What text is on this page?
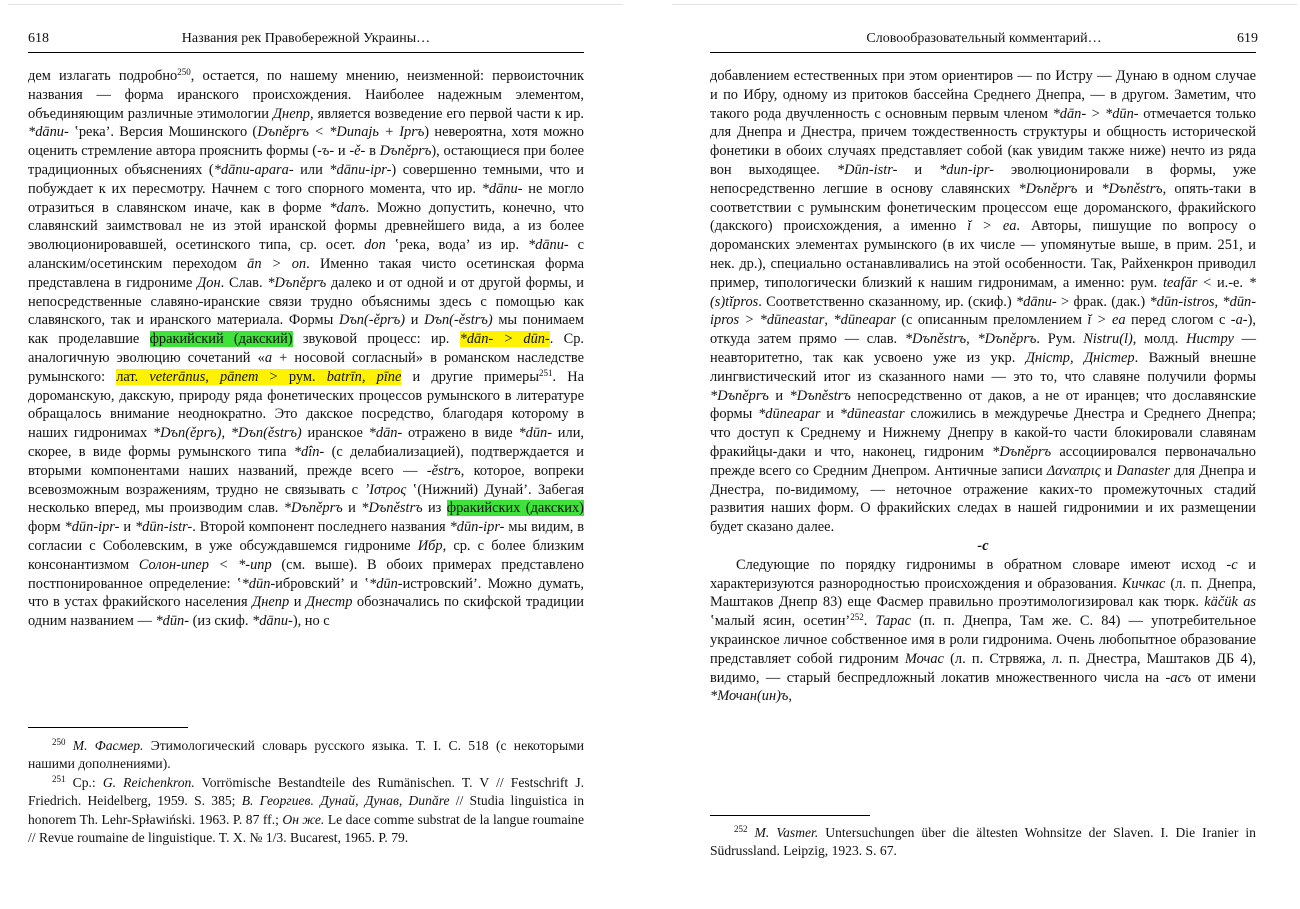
618	Названия рек Правобережной Украины…

дем излагать подробно$^{250}$, остается, по нашему мнению, неизменной: первоисточник названия — форма иранского происхождения. Наиболее надежным элементом, объединяющим различные этимологии Днепр, является возведение его первой части к ир. *dānu- ʽрека’. Версия Мошинского (Dъněprъ < *Dunajь + Iprъ) невероятна, хотя можно оценить стремление автора прояснить формы (-ъ- и -ě- в Dъněprъ), остающиеся при более традиционных объяснениях (*dānu-apara- или *dānu-ipr-) совершенно темными, что и побуждает к их пересмотру. Начнем с того спорного момента, что ир. *dānu- не могло отразиться в славянском иначе, как в форме *danъ. Можно допустить, конечно, что славянский заимствовал не из этой иранской формы древнейшего вида, а из более эволюционировавшей, осетинского типа, ср. осет. don ʽрека, вода’ из ир. *dānu- с аланским/осетинским переходом ān > on. Именно такая чисто осетинская форма представлена в гидрониме Дон. Слав. *Dъněprъ далеко и от одной и от другой формы, и непосредственные славяно-иранские связи трудно объяснимы здесь с помощью как славянского, так и иранского материала. Формы Dъn(-ěprъ) и Dъn(-ěstrъ) мы понимаем как проделавшие фракийский (дакский) звуковой процесс: ир. *dān- > dūn-. Ср. аналогичную эволюцию сочетаний «a + носовой согласный» в романском наследстве румынского: лат. veterānus, pānem > рум. batrīn, pīne и другие примеры$^{251}$. На дороманскую, дакскую, природу ряда фонетических процессов румынского в литературе обращалось внимание неоднократно. Это дакское посредство, благодаря которому в наших гидронимах *Dъn(ěprъ), *Dъn(ěstrъ) иранское *dān- отражено в виде *dūn- или, скорее, в виде формы румынского типа *dîn- (с делабиализацией), подтверждается и вторыми компонентами наших названий, прежде всего — -ěstrъ, которое, вопреки всевозможным возражениям, трудно не связывать с ʼΙστρος ʽ(Нижний) Дунай’. Забегая несколько вперед, мы производим слав. *Dъněprъ и *Dъněstrъ из фракийских (дакских) форм *dūn-ipr- и *dūn-istr-. Второй компонент последнего названия *dūn-ipr- мы видим, в согласии с Соболевским, в уже обсуждавшемся гидрониме Ибр, ср. с более близким консонантизмом Солон-ипер < *-ипр (см. выше). В обоих примерах представлено постпонированное определение: ʽ*dūn-ибровский’ и ʽ*dūn-истровский’. Можно думать, что в устах фракийского населения Днепр и Днестр обозначались по скифской традиции одним названием — *dūn- (из скиф. *dānu-), но с

$^{250}$ М. Фасмер. Этимологический словарь русского языка. Т. I. С. 518 (с некоторыми нашими дополнениями).

$^{251}$ Ср.: G. Reichenkron. Vorrömische Bestandteile des Rumänischen. T. V // Festschrift J. Friedrich. Heidelberg, 1959. S. 385; В. Георгиев. Дунай, Дунав, Dunăre // Studia linguistica in honorem Th. Lehr-Spławiński. 1963. P. 87 ff.; Он же. Le dace comme substrat de la langue roumaine // Revue roumaine de linguistique. T. X. № 1/3. Bucarest, 1965. P. 79.

Словообразовательный комментарий…	619

добавлением естественных при этом ориентиров — по Истру — Дунаю в одном случае и по Ибру, одному из притоков бассейна Среднего Днепра, — в другом. Заметим, что такого рода двучленность с основным первым членом *dān- > *dūn- отмечается только для Днепра и Днестра, причем тождественность структуры и общность исторической фонетики в обоих случаях представляет собой (как увидим также ниже) нечто из ряда вон выходящее. *Dūn-istr- и *dun-ipr- эволюционировали в формы, уже непосредственно легшие в основу славянских *Dъněprъ и *Dъněstrъ, опять-таки в соответствии с румынским фонетическим процессом еще дороманского, фракийского (дакского) происхождения, а именно ĭ > ea. Авторы, пишущие по вопросу о дороманских элементах румынского (в их числе — упомянутые выше, в прим. 251, и нек. др.), специально останавливались на этой особенности. Так, Райхенкрон приводил пример, типологически близкий к нашим гидронимам, а именно: рум. teafăr < и.-е. *(s)tĭpros. Соответственно сказанному, ир. (скиф.) *dānu- > фрак. (дак.) *dūn-istros, *dūn-ipros > *dūneastar, *dūneapar (с описанным преломлением ĭ > ea перед слогом с -a-), откуда затем прямо — слав. *Dъněstrъ, *Dъněprъ. Рум. Nistru(l), молд. Нистру — неавторитетно, так как усвоено уже из укр. Дністр, Днiстер. Важный внешне лингвистический итог из сказанного нами — это то, что славяне получили формы *Dъněprъ и *Dъněstrъ непосредственно от даков, а не от иранцев; что дославянские формы *dūneapar и *dūneastar сложились в междуречье Днестра и Среднего Днепра; что доступ к Среднему и Нижнему Днепру в какой-то части блокировали славянам фракийцы-даки и что, наконец, гидроним *Dъněprъ ассоциировался первоначально прежде всего со Средним Днепром. Античные записи Δαναπρις и Danaster для Днепра и Днестра, по-видимому, — неточное отражение каких-то промежуточных стадий развития наших форм. О фракийских следах в нашей гидронимии и их размещении будет сказано далее.

-с

Следующие по порядку гидронимы в обратном словаре имеют исход -с и характеризуются разнородностью происхождения и образования. Кичкас (л. п. Днепра, Маштаков Днепр 83) еще Фасмер правильно проэтимологизировал как тюрк. käčük as ʽмалый ясин, осетин’$^{252}$. Тарас (п. п. Днепра, Там же. С. 84) — употребительное украинское личное собственное имя в роли гидронима. Очень любопытное образование представляет собой гидроним Мочас (л. п. Стрвяжа, л. п. Днестра, Маштаков ДБ 4), видимо, — старый беспредложный локатив множественного числа на -асъ от имени *Мочан(ин)ъ,

$^{252}$ M. Vasmer. Untersuchungen über die ältesten Wohnsitze der Slaven. I. Die Iranier in Südrussland. Leipzig, 1923. S. 67.
